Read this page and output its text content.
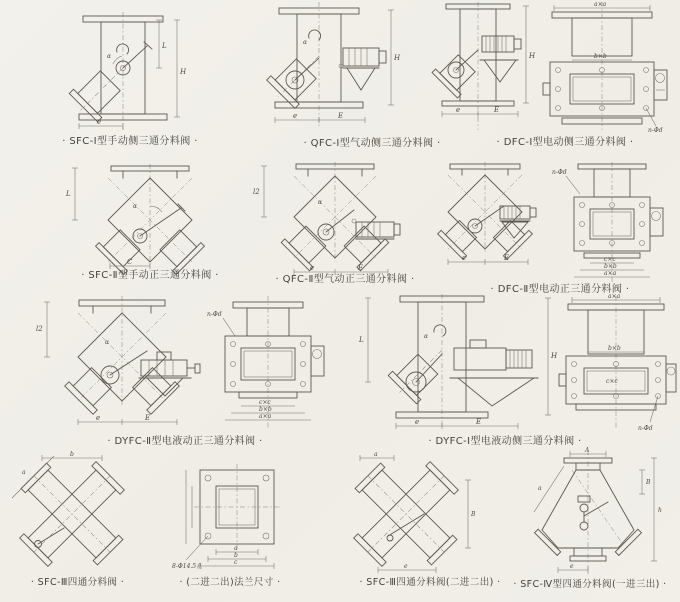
L
H
e
α
· SFC-Ⅰ型手动侧三通分料阀 ·
H
e	E
α
· QFC-Ⅰ型气动侧三通分料阀 ·
H
e	E
a×a
b×b
n-Φd
· DFC-Ⅰ型电动侧三通分料阀 ·
α
L
C
· SFC-Ⅱ型手动正三通分料阀 ·
l2
e	E
α
· QFC-Ⅱ型气动正三通分料阀 ·
e	E
n-Φd
c×c
b×b
a×a
· DFC-Ⅱ型电动正三通分料阀 ·
l2
e	E
α
n-Φd
c×c
b×b
a×a
· DYFC-Ⅱ型电液动正三通分料阀 ·
L
H
e	E
α
a×a
b×b
c×c
n-Φd
· DYFC-Ⅰ型电液动侧三通分料阀 ·
b
a
· SFC-Ⅲ四通分料阀 ·
a
b
c
8-Φ14.5孔
· (二进二出)法兰尺寸 ·
a
B
e
· SFC-Ⅲ四通分料阀(二进二出) ·
A
B
h
e
a
· SFC-Ⅳ型四通分料阀(一进三出) ·
